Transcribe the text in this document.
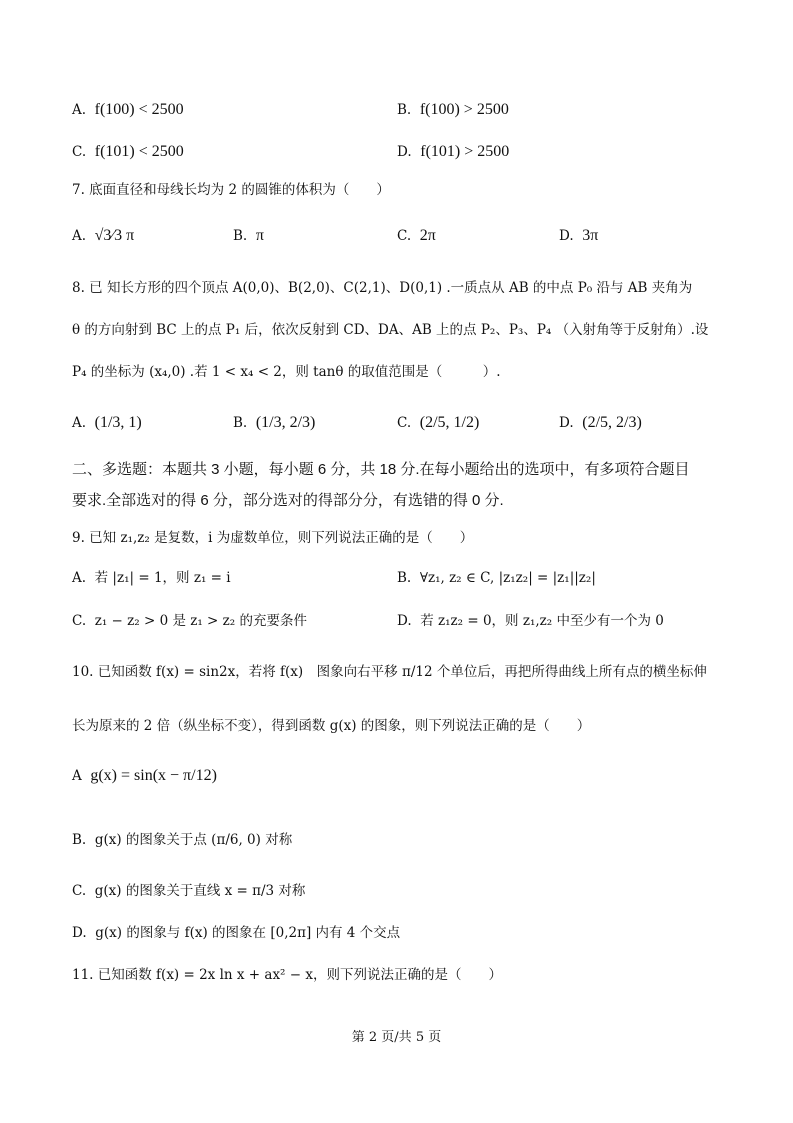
A. f(100) < 2500	B. f(100) > 2500
C. f(101) < 2500	D. f(101) > 2500
7. 底面直径和母线长均为 2 的圆锥的体积为（　　）
A. √3⁄3 π	B. π	C. 2π	D. 3π
8. 已 知长方形的四个顶点 A(0,0)、B(2,0)、C(2,1)、D(0,1) .一质点从 AB 的中点 P₀ 沿与 AB 夹角为
θ 的方向射到 BC 上的点 P₁ 后，依次反射到 CD、DA、AB 上的点 P₂、P₃、P₄ （入射角等于反射角）.设
P₄ 的坐标为 (x₄,0) .若 1 < x₄ < 2，则 tanθ 的取值范围是（　　　）.
A. (1/3, 1)	B. (1/3, 2/3)	C. (2/5, 1/2)	D. (2/5, 2/3)
二、多选题：本题共 3 小题，每小题 6 分，共 18 分.在每小题给出的选项中，有多项符合题目
要求.全部选对的得 6 分，部分选对的得部分分，有选错的得 0 分.
9. 已知 z₁,z₂ 是复数，i 为虚数单位，则下列说法正确的是（　　）
A. 若 |z₁| = 1，则 z₁ = i	B. ∀z₁, z₂ ∈ C, |z₁z₂| = |z₁||z₂|
C. z₁ − z₂ > 0 是 z₁ > z₂ 的充要条件	D. 若 z₁z₂ = 0，则 z₁,z₂ 中至少有一个为 0
10. 已知函数 f(x) = sin2x，若将 f(x)　图象向右平移 π/12 个单位后，再把所得曲线上所有点的横坐标伸
长为原来的 2 倍（纵坐标不变），得到函数 g(x) 的图象，则下列说法正确的是（　　）
A g(x) = sin(x − π/12)
B. g(x) 的图象关于点 (π/6, 0) 对称
C. g(x) 的图象关于直线 x = π/3 对称
D. g(x) 的图象与 f(x) 的图象在 [0,2π] 内有 4 个交点
11. 已知函数 f(x) = 2x ln x + ax² − x，则下列说法正确的是（　　）
第 2 页/共 5 页
